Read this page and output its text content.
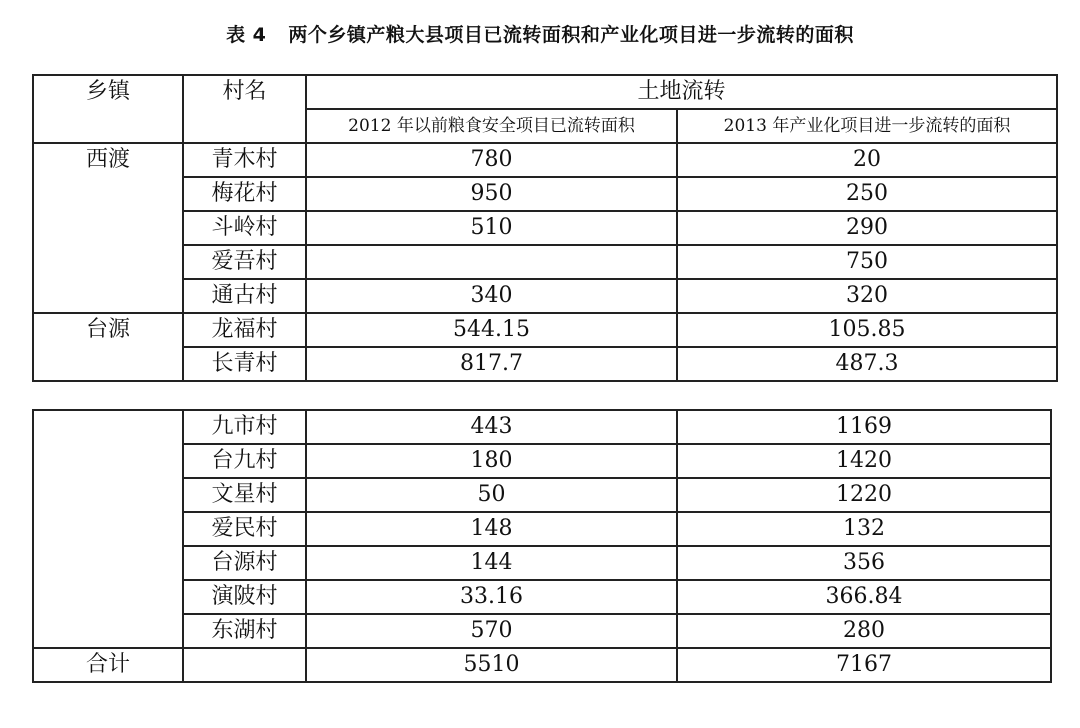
表 4 两个乡镇产粮大县项目已流转面积和产业化项目进一步流转的面积
乡镇	村名	土地流转	
		2012 年以前粮食安全项目已流转面积	2013 年产业化项目进一步流转的面积
西渡	青木村	780	20
	梅花村	950	250
	斗岭村	510	290
	爱吾村		750
	通古村	340	320
台源	龙福村	544.15	105.85
	长青村	817.7	487.3
	九市村	443	1169
	台九村	180	1420
	文星村	50	1220
	爱民村	148	132
	台源村	144	356
	演陂村	33.16	366.84
	东湖村	570	280
合计		5510	7167
